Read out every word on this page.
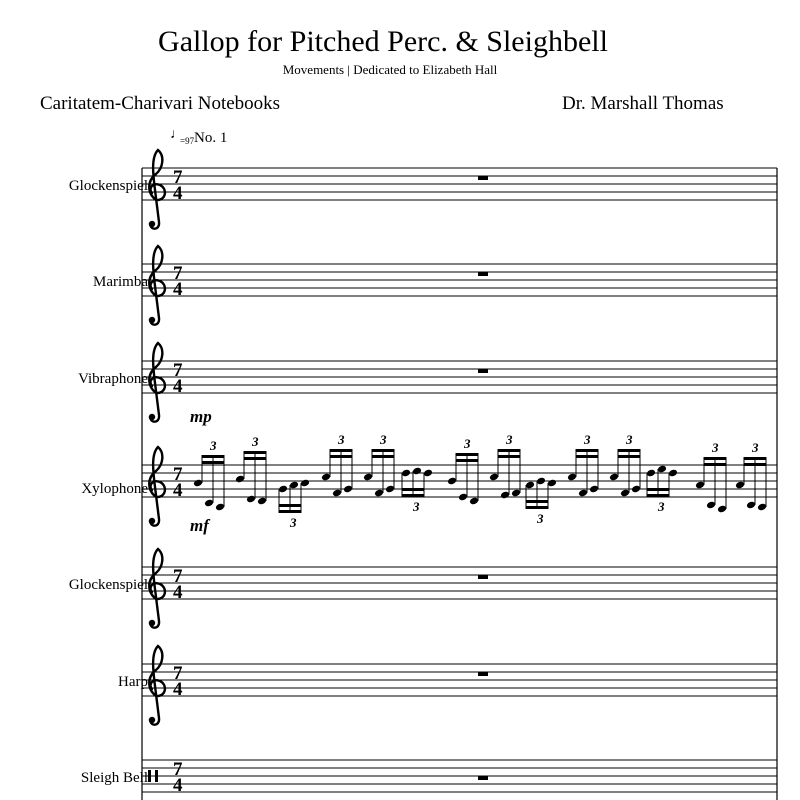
Gallop for Pitched Perc. & Sleighbell
Movements | Dedicated to Elizabeth Hall
Caritatem-Charivari Notebooks	Dr. Marshall Thomas
♩
=97 No. 1
Glockenspiel
Marimba
Vibraphone
Xylophone
Glockenspiel
Harp
Sleigh Bell
7
4
7
4
7
4
mp
7
4
3	3
3
3	3
3
3	3
3
3	3
3
3	3
mf
7
4
7
4
7
4
